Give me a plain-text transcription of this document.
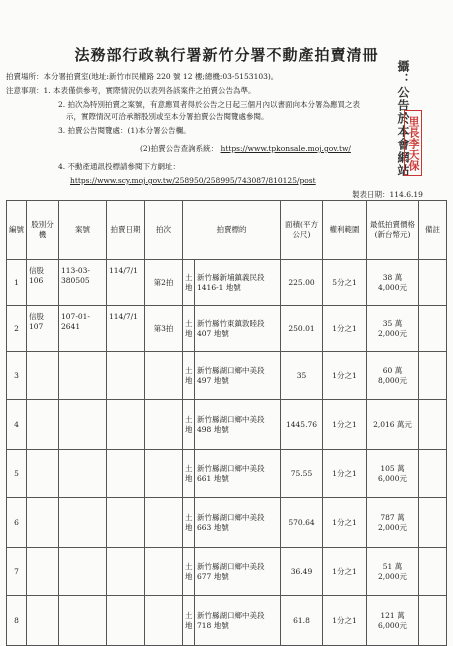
法務部行政執行署新竹分署不動產拍賣清冊
攝：公告於本會網站
里長李天保
拍賣場所：本分署拍賣室(地址:新竹市民權路 220 號 12 樓;總機:03-5153103)。
注意事項：1. 本表僅供參考，實際情況仍以表列各該案件之拍賣公告為準。
2. 拍次為特別拍賣之案號，有意應買者得於公告之日起三個月內以書面向本分署為應買之表
示，實際情況可洽承辦股別或至本分署拍賣公告閱覽處參閱。
3. 拍賣公告閱覽處：(1)本分署公告欄。
(2)拍賣公告查詢系統： https://www.tpkonsale.moj.gov.tw/
4. 不動產通訊投標請參閱下方網址：
https://www.scy.moj.gov.tw/258950/258995/743087/810125/post
製表日期：114.6.19
編號	股別分機	案號	拍賣日期	拍次	拍賣標的		面積(平方公尺)	權利範圍	最低拍賣價格(新台幣元)	備註
1	信股 106	113-03-380505	114/7/1	第2拍	土地	新竹縣新埔鎮義民段 1416-1 地號	225.00	5分之1	38 萬
4,000元	
2	信股 107	107-01-2641	114/7/1	第3拍	土地	新竹縣竹東鎮敦睦段 407 地號	250.01	1分之1	35 萬
2,000元	
3					土地	新竹縣湖口鄉中美段 497 地號	35	1分之1	60 萬
8,000元	
4					土地	新竹縣湖口鄉中美段 498 地號	1445.76	1分之1	2,016 萬元	
5					土地	新竹縣湖口鄉中美段 661 地號	75.55	1分之1	105 萬
6,000元	
6					土地	新竹縣湖口鄉中美段 663 地號	570.64	1分之1	787 萬
2,000元	
7					土地	新竹縣湖口鄉中美段 677 地號	36.49	1分之1	51 萬
2,000元	
8					土地	新竹縣湖口鄉中美段 718 地號	61.8	1分之1	121 萬
6,000元	
